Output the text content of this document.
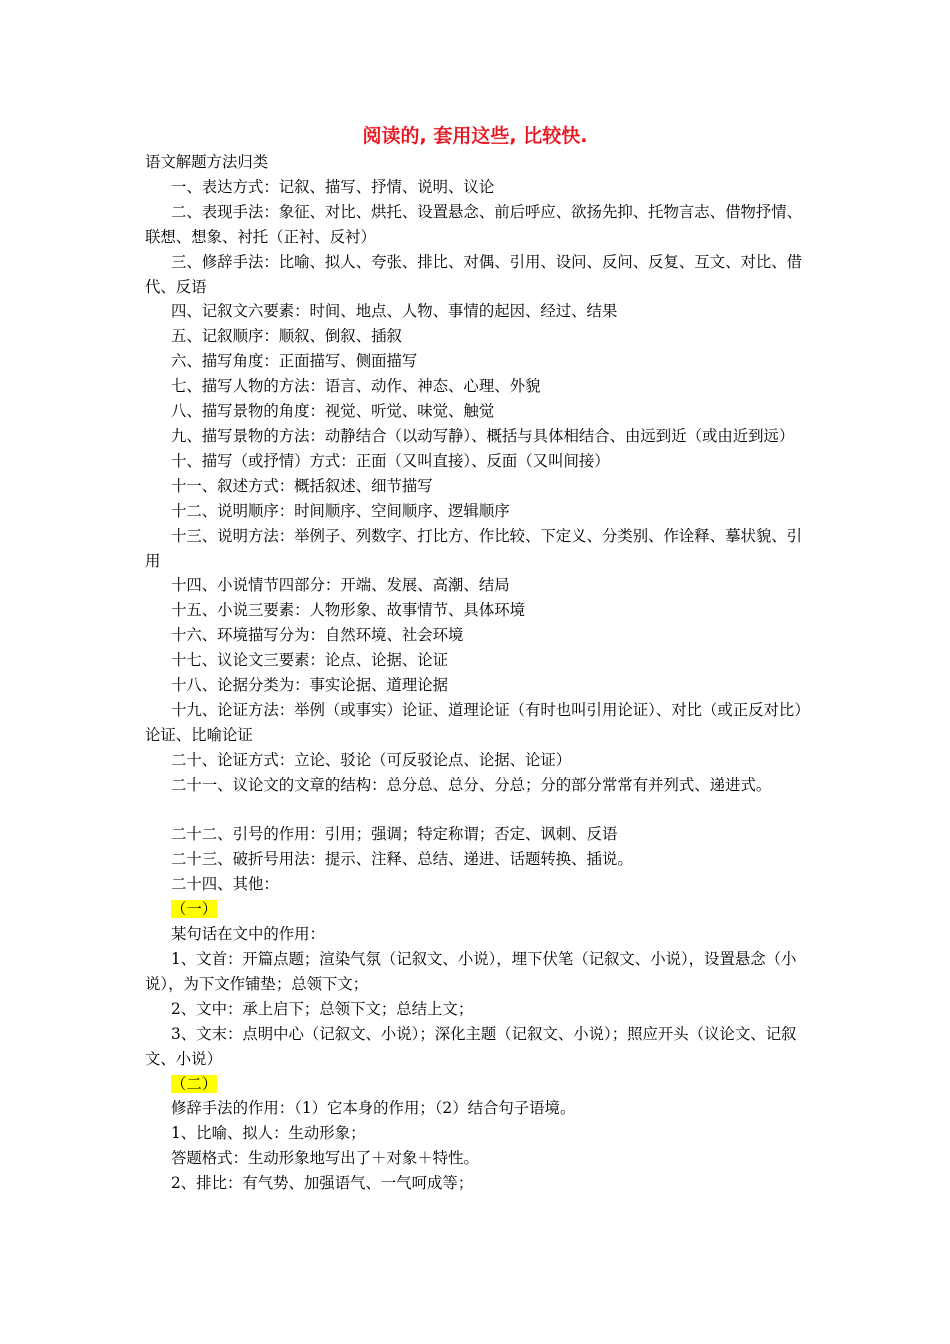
阅读的, 套用这些, 比较快.

语文解题方法归类

一、表达方式：记叙、描写、抒情、说明、议论

二、表现手法：象征、对比、烘托、设置悬念、前后呼应、欲扬先抑、托物言志、借物抒情、联想、想象、衬托（正衬、反衬）

三、修辞手法：比喻、拟人、夸张、排比、对偶、引用、设问、反问、反复、互文、对比、借代、反语

四、记叙文六要素：时间、地点、人物、事情的起因、经过、结果

五、记叙顺序：顺叙、倒叙、插叙

六、描写角度：正面描写、侧面描写

七、描写人物的方法：语言、动作、神态、心理、外貌

八、描写景物的角度：视觉、听觉、味觉、触觉

九、描写景物的方法：动静结合（以动写静）、概括与具体相结合、由远到近（或由近到远）

十、描写（或抒情）方式：正面（又叫直接）、反面（又叫间接）

十一、叙述方式：概括叙述、细节描写

十二、说明顺序：时间顺序、空间顺序、逻辑顺序

十三、说明方法：举例子、列数字、打比方、作比较、下定义、分类别、作诠释、摹状貌、引用

十四、小说情节四部分：开端、发展、高潮、结局

十五、小说三要素：人物形象、故事情节、具体环境

十六、环境描写分为：自然环境、社会环境

十七、议论文三要素：论点、论据、论证

十八、论据分类为：事实论据、道理论据

十九、论证方法：举例（或事实）论证、道理论证（有时也叫引用论证）、对比（或正反对比）论证、比喻论证

二十、论证方式：立论、驳论（可反驳论点、论据、论证）

二十一、议论文的文章的结构：总分总、总分、分总；分的部分常常有并列式、递进式。

二十二、引号的作用：引用；强调；特定称谓；否定、讽刺、反语

二十三、破折号用法：提示、注释、总结、递进、话题转换、插说。

二十四、其他：

（一）

某句话在文中的作用：

1、文首：开篇点题；渲染气氛（记叙文、小说），埋下伏笔（记叙文、小说），设置悬念（小说），为下文作铺垫；总领下文；

2、文中：承上启下；总领下文；总结上文；

3、文末：点明中心（记叙文、小说）；深化主题（记叙文、小说）；照应开头（议论文、记叙文、小说）

（二）

修辞手法的作用：（1）它本身的作用；（2）结合句子语境。

1、比喻、拟人：生动形象；

答题格式：生动形象地写出了＋对象＋特性。

2、排比：有气势、加强语气、一气呵成等；
